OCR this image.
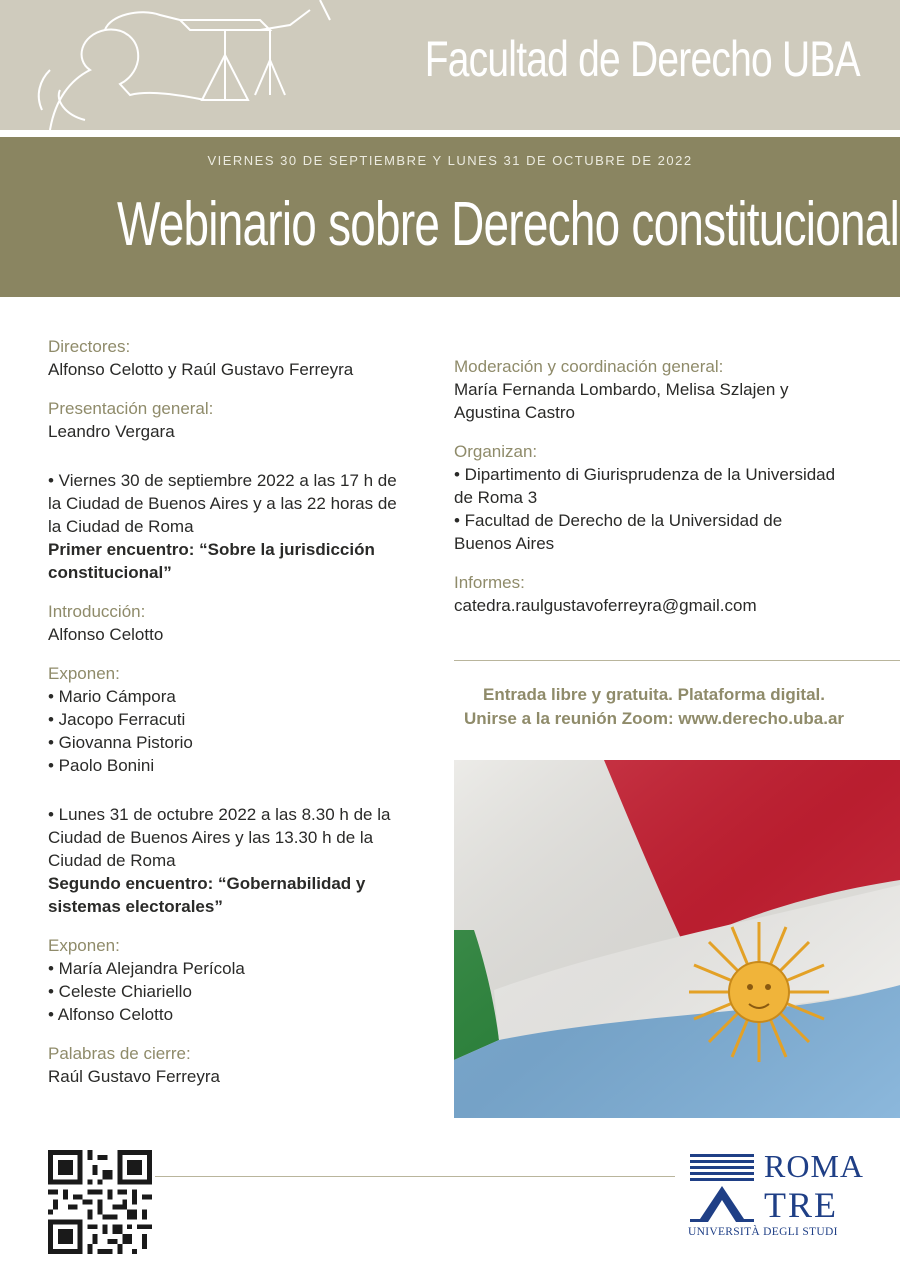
Facultad de Derecho UBA
VIERNES 30 DE SEPTIEMBRE Y LUNES 31 DE OCTUBRE DE 2022
Webinario sobre Derecho constitucional
Directores:
Alfonso Celotto y Raúl Gustavo Ferreyra
Presentación general:
Leandro Vergara
• Viernes 30 de septiembre 2022 a las 17 h de
la Ciudad de Buenos Aires y a las 22 horas de
la Ciudad de Roma
Primer encuentro: “Sobre la jurisdicción
constitucional”
Introducción:
Alfonso Celotto
Exponen:
• Mario Cámpora
• Jacopo Ferracuti
• Giovanna Pistorio
• Paolo Bonini
• Lunes 31 de octubre 2022 a las 8.30 h de la
Ciudad de Buenos Aires y las 13.30 h de la
Ciudad de Roma
Segundo encuentro: “Gobernabilidad y
sistemas electorales”
Exponen:
• María Alejandra Perícola
• Celeste Chiariello
• Alfonso Celotto
Palabras de cierre:
Raúl Gustavo Ferreyra
Moderación y coordinación general:
María Fernanda Lombardo, Melisa Szlajen y
Agustina Castro
Organizan:
• Dipartimento di Giurisprudenza de la Universidad
de Roma 3
• Facultad de Derecho de la Universidad de
Buenos Aires
Informes:
catedra.raulgustavoferreyra@gmail.com
Entrada libre y gratuita. Plataforma digital.
Unirse a la reunión Zoom: www.derecho.uba.ar
ROMA
TRE
UNIVERSITÀ DEGLI STUDI
